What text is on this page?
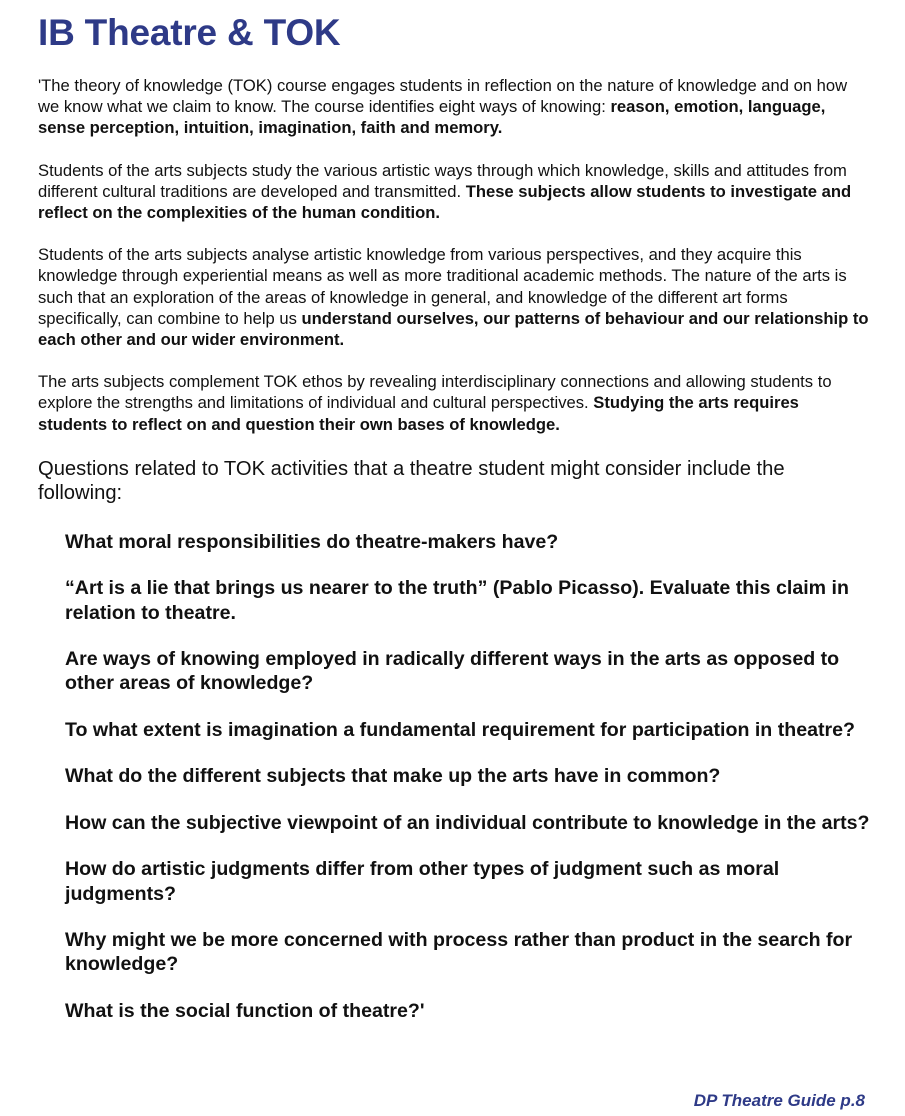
IB Theatre & TOK

'The theory of knowledge (TOK) course engages students in reflection on the nature of knowledge and on how we know what we claim to know. The course identifies eight ways of knowing: reason, emotion, language, sense perception, intuition, imagination, faith and memory.

Students of the arts subjects study the various artistic ways through which knowledge, skills and attitudes from different cultural traditions are developed and transmitted. These subjects allow students to investigate and reflect on the complexities of the human condition.

Students of the arts subjects analyse artistic knowledge from various perspectives, and they acquire this knowledge through experiential means as well as more traditional academic methods. The nature of the arts is such that an exploration of the areas of knowledge in general, and knowledge of the different art forms specifically, can combine to help us understand ourselves, our patterns of behaviour and our relationship to each other and our wider environment.

The arts subjects complement TOK ethos by revealing interdisciplinary connections and allowing students to explore the strengths and limitations of individual and cultural perspectives. Studying the arts requires students to reflect on and question their own bases of knowledge.

Questions related to TOK activities that a theatre student might consider include the following:

What moral responsibilities do theatre-makers have?
“Art is a lie that brings us nearer to the truth” (Pablo Picasso). Evaluate this claim in relation to theatre.
Are ways of knowing employed in radically different ways in the arts as opposed to other areas of knowledge?
To what extent is imagination a fundamental requirement for participation in theatre?
What do the different subjects that make up the arts have in common?
How can the subjective viewpoint of an individual contribute to knowledge in the arts?
How do artistic judgments differ from other types of judgment such as moral judgments?
Why might we be more concerned with process rather than product in the search for knowledge?
What is the social function of theatre?'
DP Theatre Guide p.8
